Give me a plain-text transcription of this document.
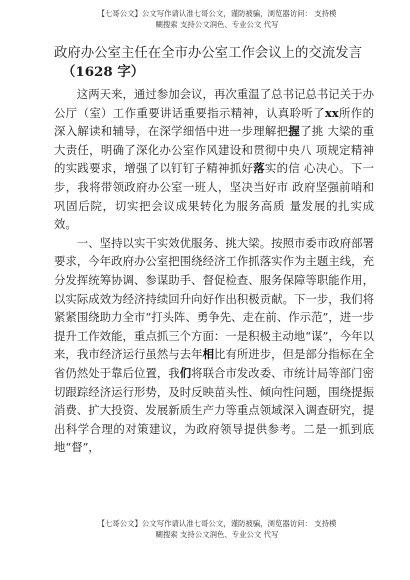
【七哥公文】公文写作请认准七哥公文，谨防被骗，浏览器访问： 支持模
糊搜索 支持公文润色、专业公文 代写
政府办公室主任在全市办公室工作会议上的交流发言
（1628 字）

这两天来，通过参加会议，再次重温了总书记总书记关于办公厅（室）工作重要讲话重要指示精神，认真聆听了xx所作的深入解读和辅导，在深学细悟中进一步理解把握了挑 大梁的重大责任，明确了深化办公室作风建设和贯彻中央八 项规定精神的实践要求，增强了以钉钉子精神抓好落实的信 心决心。下一步，我将带领政府办公室一班人，坚决当好市 政府坚强前哨和巩固后院，切实把会议成果转化为服务高质 量发展的扎实成效。

一、坚持以实干实效优服务、挑大梁。按照市委市政府部署要求，今年政府办公室把围绕经济工作抓落实作为主题主线，充分发挥统筹协调、参谋助手、督促检查、服务保障等职能作用，以实际成效为经济持续回升向好作出积极贡献。下一步，我们将紧紧围绕助力全市“打头阵、勇争先、走在前、作示范”，进一步提升工作效能，重点抓三个方面：一是积极主动地“谋”，今年以来，我市经济运行虽然与去年相比有所进步，但是部分指标在全省仍然处于靠后位置，我们将联合市发改委、市统计局等部门密切跟踪经济运行形势，及时反映苗头性、倾向性问题，围绕提振消费、扩大投资、发展新质生产力等重点领域深入调查研究，提出科学合理的对策建议，为政府领导提供参考。二是一抓到底地“督”，

【七哥公文】公文写作请认准七哥公文，谨防被骗，浏览器访问： 支持模
糊搜索 支持公文润色、专业公文 代写
